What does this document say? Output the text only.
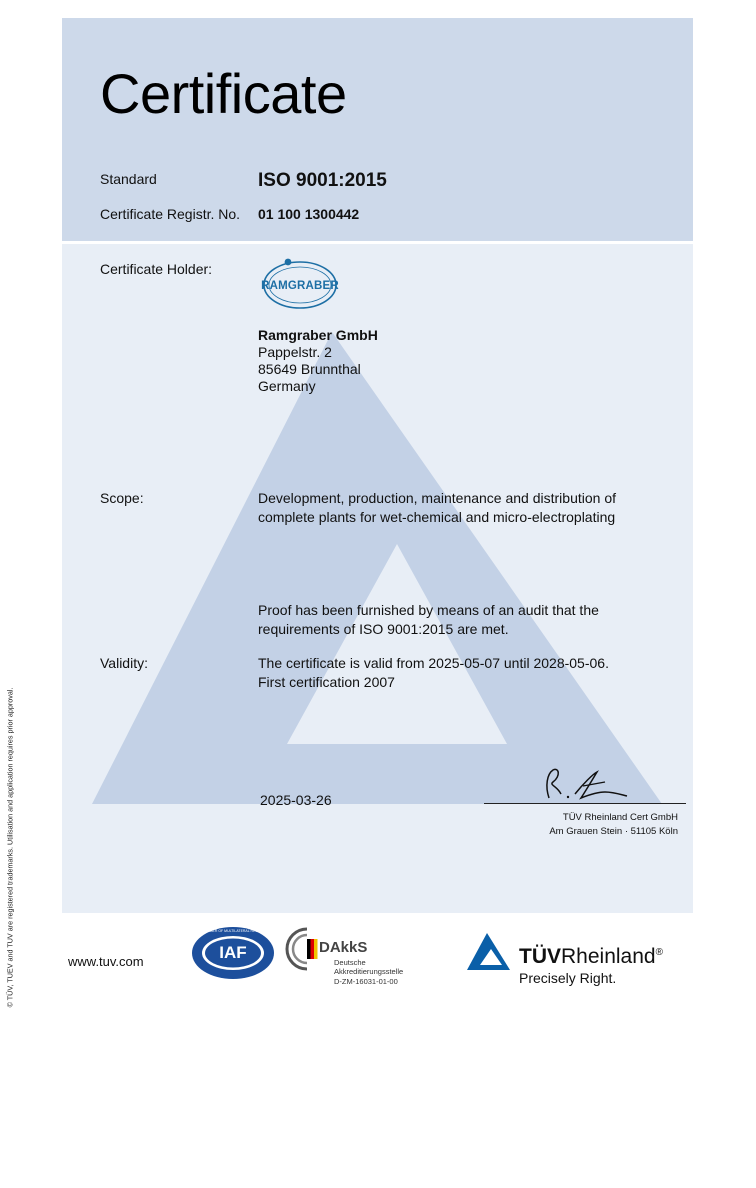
Certificate
Standard	ISO 9001:2015
Certificate Registr. No. 01 100 1300442
Certificate Holder:
RAMGRABER
Ramgraber GmbH
Pappelstr. 2
85649 Brunnthal
Germany
Scope:	Development, production, maintenance and distribution of
complete plants for wet-chemical and micro-electroplating
Proof has been furnished by means of an audit that the
requirements of ISO 9001:2015 are met.
Validity:	The certificate is valid from 2025-05-07 until 2028-05-06.
First certification 2007
2025-03-26
TÜV Rheinland Cert GmbH
Am Grauen Stein · 51105 Köln
www.tuv.com	IAF
MEMBER OF MULTILATERAL RECOGNITION ARRANGEMENT
DAkkS
Deutsche
Akkreditierungsstelle
D-ZM-16031-01-00
TÜVRheinland®
Precisely Right.
© TÜV, TUEV and TUV are registered trademarks. Utilisation and application requires prior approval.
